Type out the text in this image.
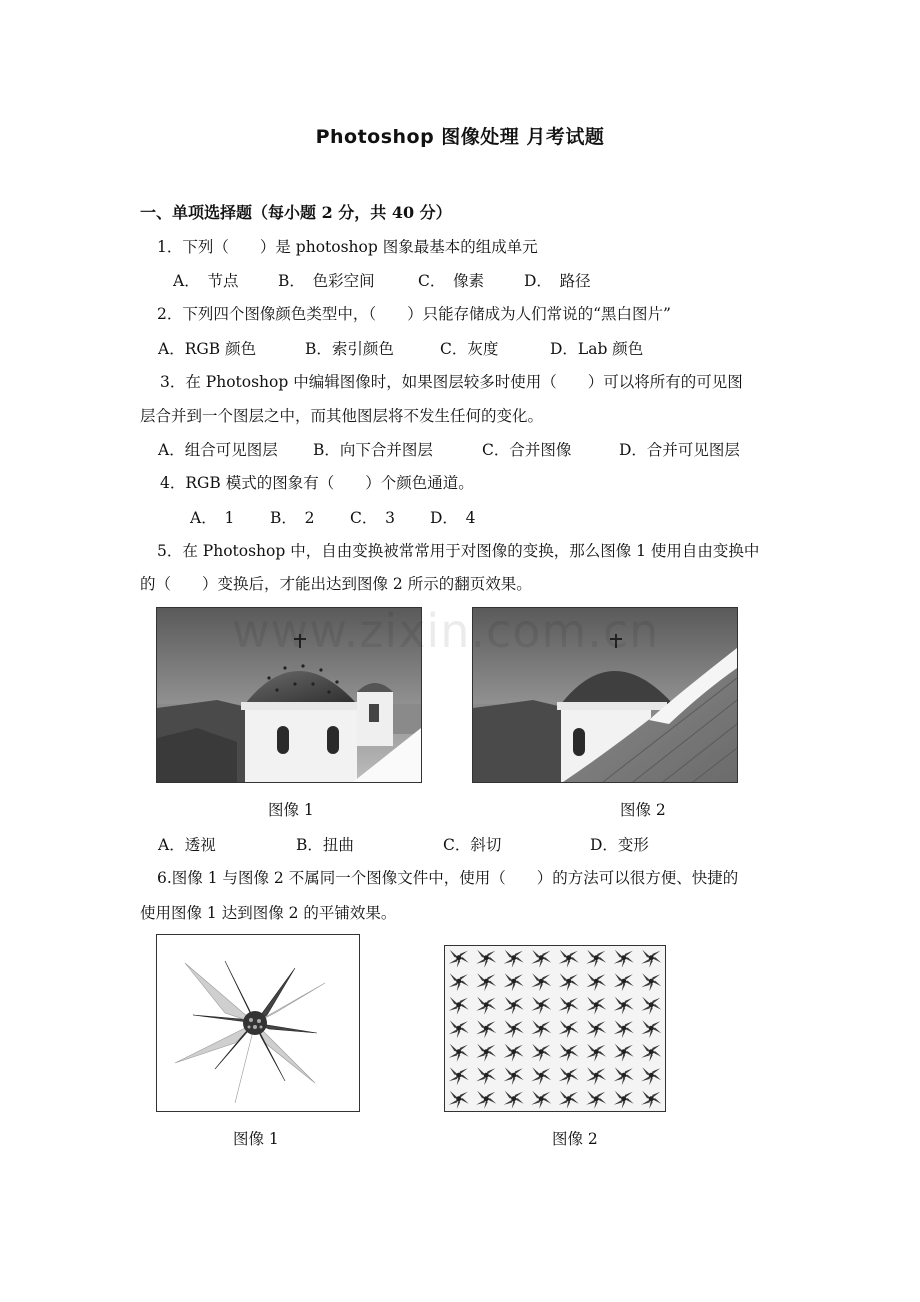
Photoshop 图像处理 月考试题
一、单项选择题（每小题 2 分，共 40 分）
1．下列（　　）是 photoshop 图象最基本的组成单元
A．　节点	B．　色彩空间	C．　像素	D．　路径
2．下列四个图像颜色类型中，（　　）只能存储成为人们常说的“黑白图片”
A．RGB 颜色	B．索引颜色	C．灰度	D．Lab 颜色
3．在 Photoshop 中编辑图像时，如果图层较多时使用（　　）可以将所有的可见图
层合并到一个图层之中，而其他图层将不发生任何的变化。
A．组合可见图层 B．向下合并图层	C．合并图像	D．合并可见图层
4．RGB 模式的图象有（　　）个颜色通道。
A．　1 B．　2 C．　3 D．　4
5．在 Photoshop 中，自由变换被常常用于对图像的变换，那么图像 1 使用自由变换中
的（　　）变换后，才能出达到图像 2 所示的翻页效果。
www.zixin.com.cn
图像 1	图像 2
A．透视	B．扭曲	C．斜切	D．变形
6.图像 1 与图像 2 不属同一个图像文件中，使用（　　）的方法可以很方便、快捷的
使用图像 1 达到图像 2 的平铺效果。
图像 1	图像 2
